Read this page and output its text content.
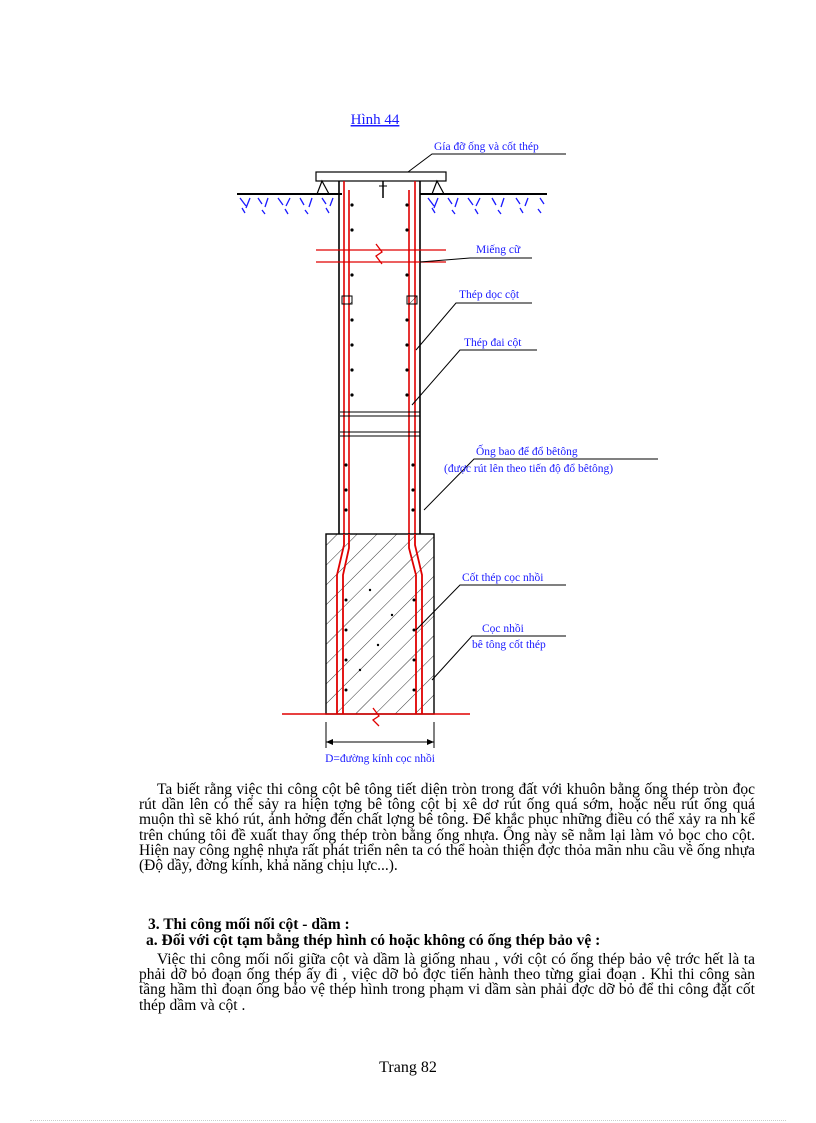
Hình 44
Gía đỡ ống và cốt thép
Miếng cữ
Thép dọc cột
Thép đai cột
Ống bao để đổ bêtông
(được rút lên theo tiến độ đổ bêtông)
Cốt thép cọc nhồi
Cọc nhồi
bê tông cốt thép
D=đường kính cọc nhồi

Ta biết rằng việc thi công cột bê tông tiết diện tròn trong đất với khuôn bằng ống thép tròn đọc rút dần lên có thể sảy ra hiện tợng bê tông cột bị xê dơ rút ống quá sớm, hoặc nếu rút ống quá muộn thì sẽ khó rút, ảnh hởng đến chất lợng bê tông. Để khắc phục những điều có thể xảy ra nh kể trên chúng tôi đề xuất thay ống thép tròn bằng ống nhựa. Ống này sẽ nằm lại làm vỏ bọc cho cột. Hiện nay công nghệ nhựa rất phát triển nên ta có thể hoàn thiện đợc thỏa mãn nhu cầu về ống nhựa (Độ dầy, đờng kính, khả năng chịu lực...).

3. Thi công mối nối cột - dầm :

a. Đối với cột tạm bằng thép hình có hoặc không có ống thép bảo vệ :

Việc thi công mối nối giữa cột và dầm là giống nhau , với cột có ống thép bảo vệ trớc hết là ta phải dỡ bỏ đoạn ống thép ấy đi , việc dỡ bỏ đợc tiến hành theo từng giai đoạn . Khi thi công sàn tầng hầm thì đoạn ống bảo vệ thép hình trong phạm vi dầm sàn phải đợc dỡ bỏ để thi công đặt cốt thép dầm và cột .

Trang 82
